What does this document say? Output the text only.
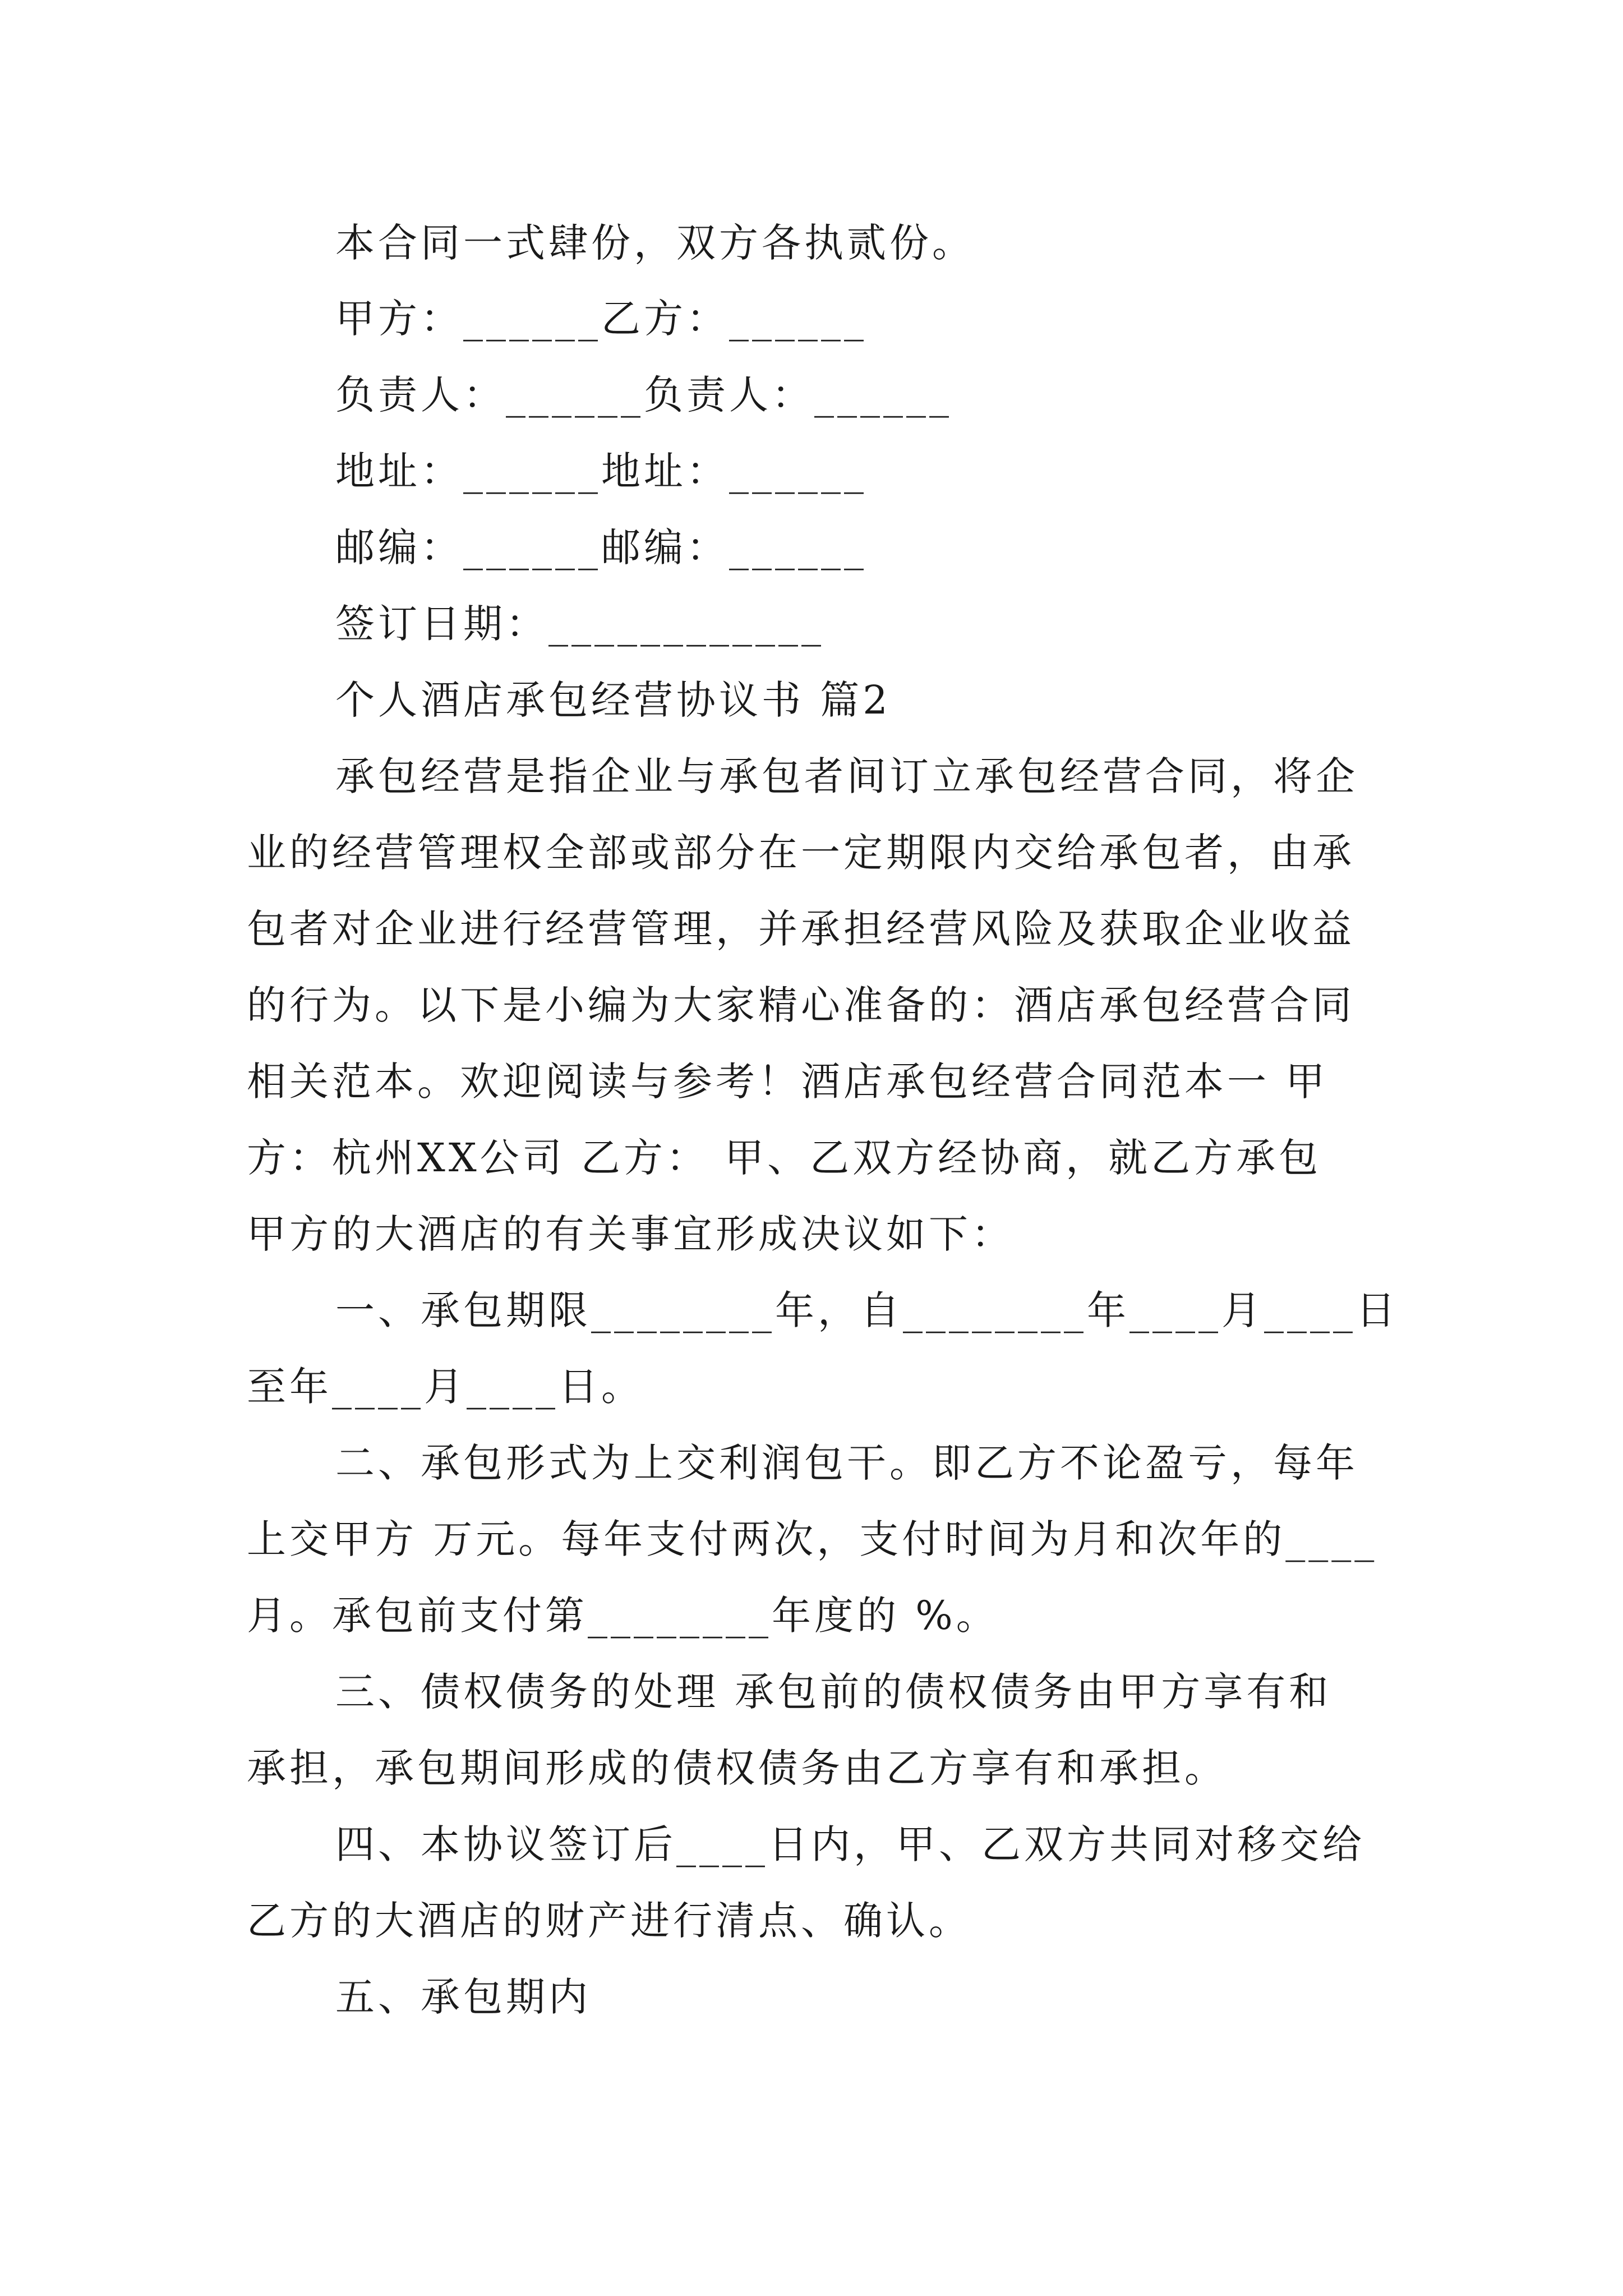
本合同一式肆份，双方各执贰份。
甲方：______乙方：______
负责人：______负责人：______
地址：______地址：______
邮编：______邮编：______
签订日期：____________
个人酒店承包经营协议书 篇2
承包经营是指企业与承包者间订立承包经营合同，将企
业的经营管理权全部或部分在一定期限内交给承包者，由承
包者对企业进行经营管理，并承担经营风险及获取企业收益
的行为。以下是小编为大家精心准备的：酒店承包经营合同
相关范本。欢迎阅读与参考！酒店承包经营合同范本一 甲
方：杭州XX公司 乙方： 甲、乙双方经协商，就乙方承包
甲方的大酒店的有关事宜形成决议如下：
一、承包期限________年，自________年____月____日
至年____月____日。
二、承包形式为上交利润包干。即乙方不论盈亏，每年
上交甲方 万元。每年支付两次，支付时间为月和次年的____
月。承包前支付第________年度的 %。
三、债权债务的处理 承包前的债权债务由甲方享有和
承担，承包期间形成的债权债务由乙方享有和承担。
四、本协议签订后____日内，甲、乙双方共同对移交给
乙方的大酒店的财产进行清点、确认。
五、承包期内
